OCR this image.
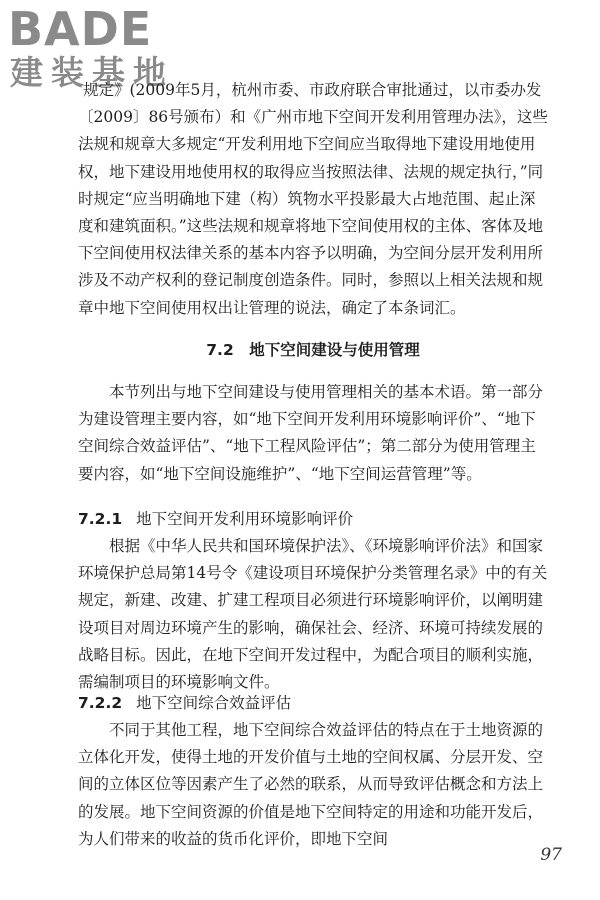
BADE
建装基地
规定》(2009年5月，杭州市委、市政府联合审批通过，以市委办发〔2009〕86号颁布）和《广州市地下空间开发利用管理办法》，这些法规和规章大多规定“开发利用地下空间应当取得地下建设用地使用权，地下建设用地使用权的取得应当按照法律、法规的规定执行，”同时规定“应当明确地下建（构）筑物水平投影最大占地范围、起止深度和建筑面积。”这些法规和规章将地下空间使用权的主体、客体及地下空间使用权法律关系的基本内容予以明确，为空间分层开发利用所涉及不动产权利的登记制度创造条件。同时，参照以上相关法规和规章中地下空间使用权出让管理的说法，确定了本条词汇。
7.2　地下空间建设与使用管理
本节列出与地下空间建设与使用管理相关的基本术语。第一部分为建设管理主要内容，如“地下空间开发利用环境影响评价”、“地下空间综合效益评估”、“地下工程风险评估”；第二部分为使用管理主要内容，如“地下空间设施维护”、“地下空间运营管理”等。
7.2.1 地下空间开发利用环境影响评价
根据《中华人民共和国环境保护法》、《环境影响评价法》和国家环境保护总局第14号令《建设项目环境保护分类管理名录》中的有关规定，新建、改建、扩建工程项目必须进行环境影响评价，以阐明建设项目对周边环境产生的影响，确保社会、经济、环境可持续发展的战略目标。因此，在地下空间开发过程中，为配合项目的顺利实施，需编制项目的环境影响文件。
7.2.2 地下空间综合效益评估
不同于其他工程，地下空间综合效益评估的特点在于土地资源的立体化开发，使得土地的开发价值与土地的空间权属、分层开发、空间的立体区位等因素产生了必然的联系，从而导致评估概念和方法上的发展。地下空间资源的价值是地下空间特定的用途和功能开发后，为人们带来的收益的货币化评价，即地下空间
97
